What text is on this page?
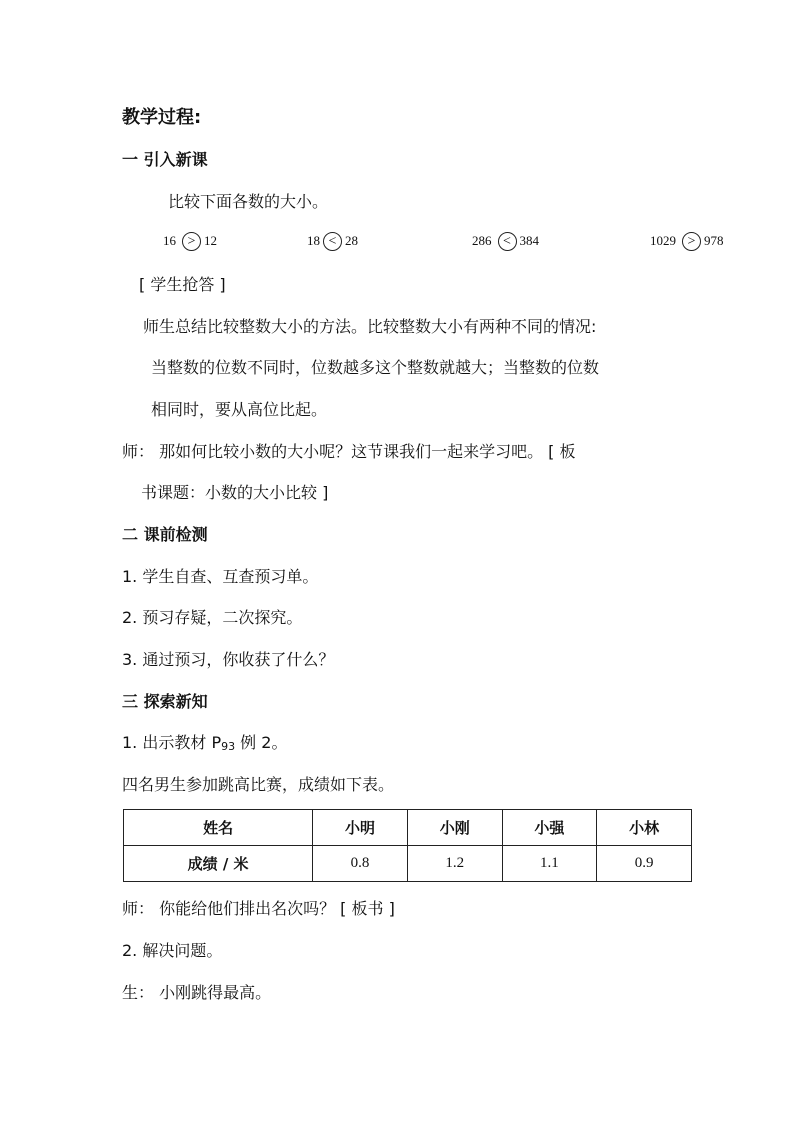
教学过程:
一 引入新课
比较下面各数的大小。
16 > 12	18 < 28	286 < 384	1029 > 978
[ 学生抢答 ]
师生总结比较整数大小的方法。比较整数大小有两种不同的情况:
当整数的位数不同时，位数越多这个整数就越大；当整数的位数
相同时，要从高位比起。
师： 那如何比较小数的大小呢？这节课我们一起来学习吧。 [ 板
书课题：小数的大小比较 ]
二 课前检测
1. 学生自查、互查预习单。
2. 预习存疑，二次探究。
3. 通过预习，你收获了什么？
三 探索新知
1. 出示教材 $P_{93}$ 例 2。
四名男生参加跳高比赛，成绩如下表。
姓名	小明	小刚	小强	小林
成绩 / 米	0.8	1.2	1.1	0.9
师： 你能给他们排出名次吗？ [ 板书 ]
2. 解决问题。
生： 小刚跳得最高。
